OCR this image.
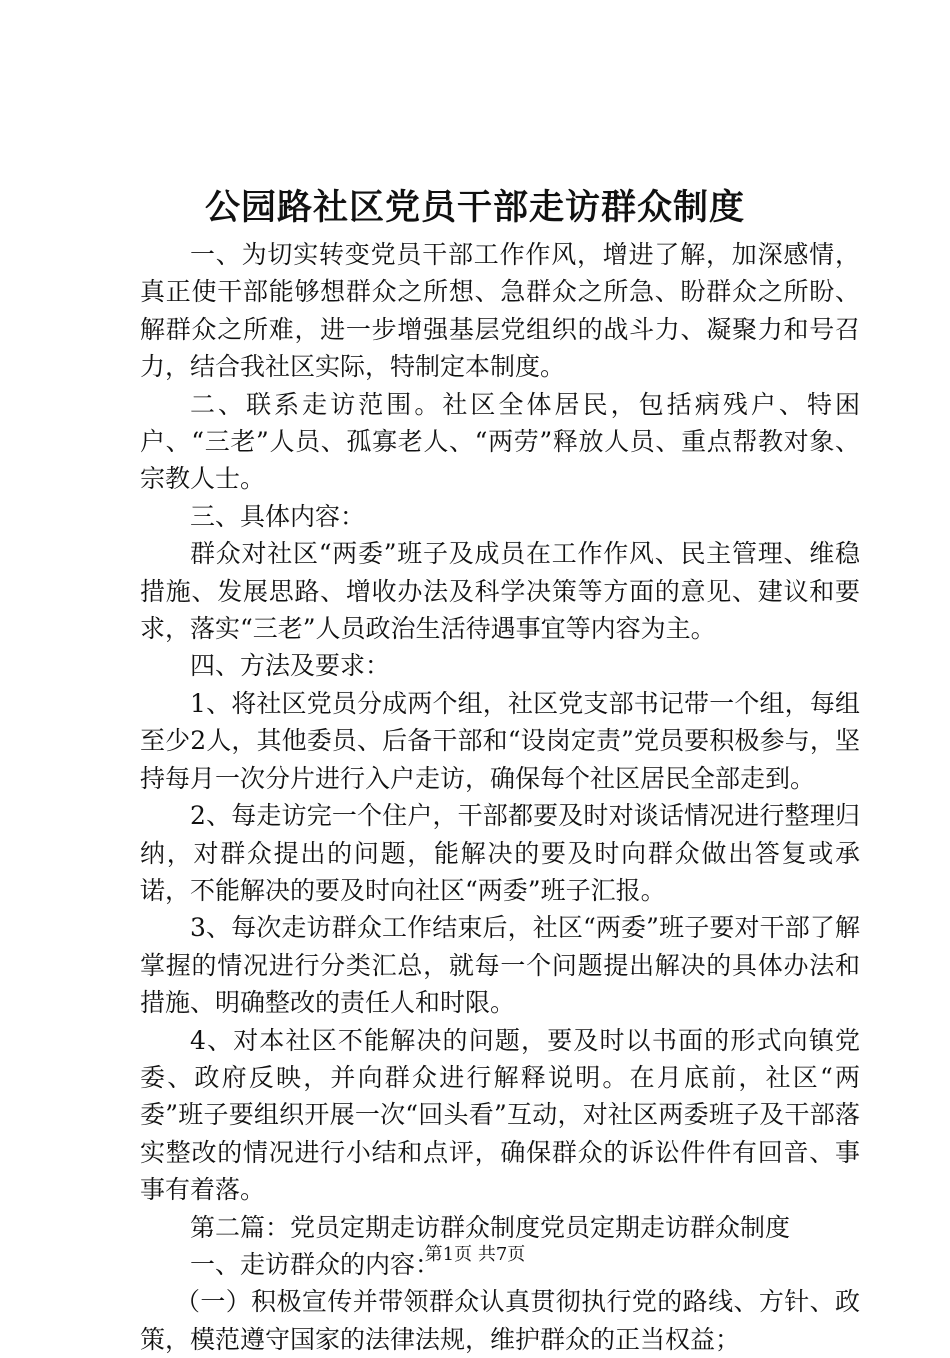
公园路社区党员干部走访群众制度

一、为切实转变党员干部工作作风，增进了解，加深感情，真正使干部能够想群众之所想、急群众之所急、盼群众之所盼、解群众之所难，进一步增强基层党组织的战斗力、凝聚力和号召力，结合我社区实际，特制定本制度。

二、联系走访范围。社区全体居民，包括病残户、特困户、“三老”人员、孤寡老人、“两劳”释放人员、重点帮教对象、宗教人士。

三、具体内容：

群众对社区“两委”班子及成员在工作作风、民主管理、维稳措施、发展思路、增收办法及科学决策等方面的意见、建议和要求，落实“三老”人员政治生活待遇事宜等内容为主。

四、方法及要求：

1、将社区党员分成两个组，社区党支部书记带一个组，每组至少2人，其他委员、后备干部和“设岗定责”党员要积极参与，坚持每月一次分片进行入户走访，确保每个社区居民全部走到。

2、每走访完一个住户，干部都要及时对谈话情况进行整理归纳，对群众提出的问题，能解决的要及时向群众做出答复或承诺，不能解决的要及时向社区“两委”班子汇报。

3、每次走访群众工作结束后，社区“两委”班子要对干部了解掌握的情况进行分类汇总，就每一个问题提出解决的具体办法和措施、明确整改的责任人和时限。

4、对本社区不能解决的问题，要及时以书面的形式向镇党委、政府反映，并向群众进行解释说明。在月底前，社区“两委”班子要组织开展一次“回头看”互动，对社区两委班子及干部落实整改的情况进行小结和点评，确保群众的诉讼件件有回音、事事有着落。

第二篇：党员定期走访群众制度党员定期走访群众制度

一、走访群众的内容：

（一）积极宣传并带领群众认真贯彻执行党的路线、方针、政策，模范遵守国家的法律法规，维护群众的正当权益；

第1页 共7页
